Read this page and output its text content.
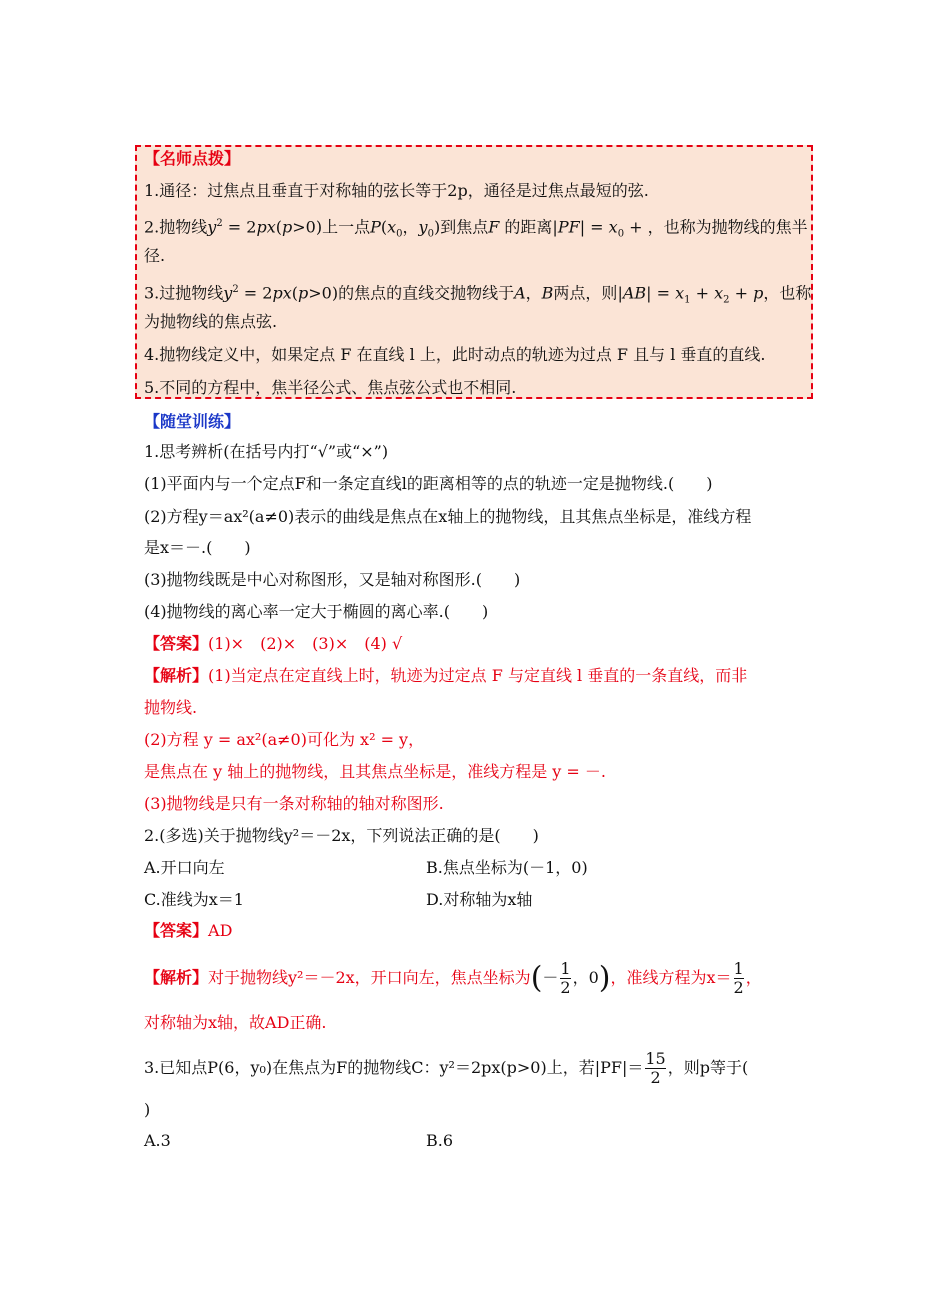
【名师点拨】
1.通径：过焦点且垂直于对称轴的弦长等于2p，通径是过焦点最短的弦.
2.抛物线$y^2 = 2px(p>0)$上一点$P(x_0$，$y_0$)到焦点F 的距离$|PF| = x_0$ + ，也称为抛物线的焦半
径.
3.过抛物线$y^2 = 2px(p>0)$的焦点的直线交抛物线于A，B两点，则$|AB| = x_1 + x_2 + p$，也称
为抛物线的焦点弦.
4.抛物线定义中，如果定点 F 在直线 l 上，此时动点的轨迹为过点 F 且与 l 垂直的直线.
5.不同的方程中，焦半径公式、焦点弦公式也不相同.
【随堂训练】
1.思考辨析(在括号内打“√”或“×”)
(1)平面内与一个定点F和一条定直线l的距离相等的点的轨迹一定是抛物线.(　　)
(2)方程y＝ax²(a≠0)表示的曲线是焦点在x轴上的抛物线，且其焦点坐标是，准线方程
是x＝－.(　　)
(3)抛物线既是中心对称图形，又是轴对称图形.(　　)
(4)抛物线的离心率一定大于椭圆的离心率.(　　)
【答案】(1)×　(2)×　(3)×　(4) √
【解析】(1)当定点在定直线上时，轨迹为过定点 F 与定直线 l 垂直的一条直线，而非
抛物线.
(2)方程 y = ax²(a≠0)可化为 x² = y，
是焦点在 y 轴上的抛物线，且其焦点坐标是，准线方程是 y = －.
(3)抛物线是只有一条对称轴的轴对称图形.
2.(多选)关于抛物线y²＝－2x，下列说法正确的是(　　)
A.开口向左	B.焦点坐标为(－1，0)
C.准线为x＝1	D.对称轴为x轴
【答案】AD
【解析】对于抛物线y²＝－2x，开口向左，焦点坐标为(－ $\frac{1}{2}$ ，0)，准线方程为$x= \frac{1}{2}$ ，
对称轴为x轴，故AD正确.
3.已知点P(6，y₀)在焦点为F的抛物线C：y²＝2px(p>0)上，若$|PF|= \frac{15}{2}$ ，则p等于(
)
A.3	B.6
